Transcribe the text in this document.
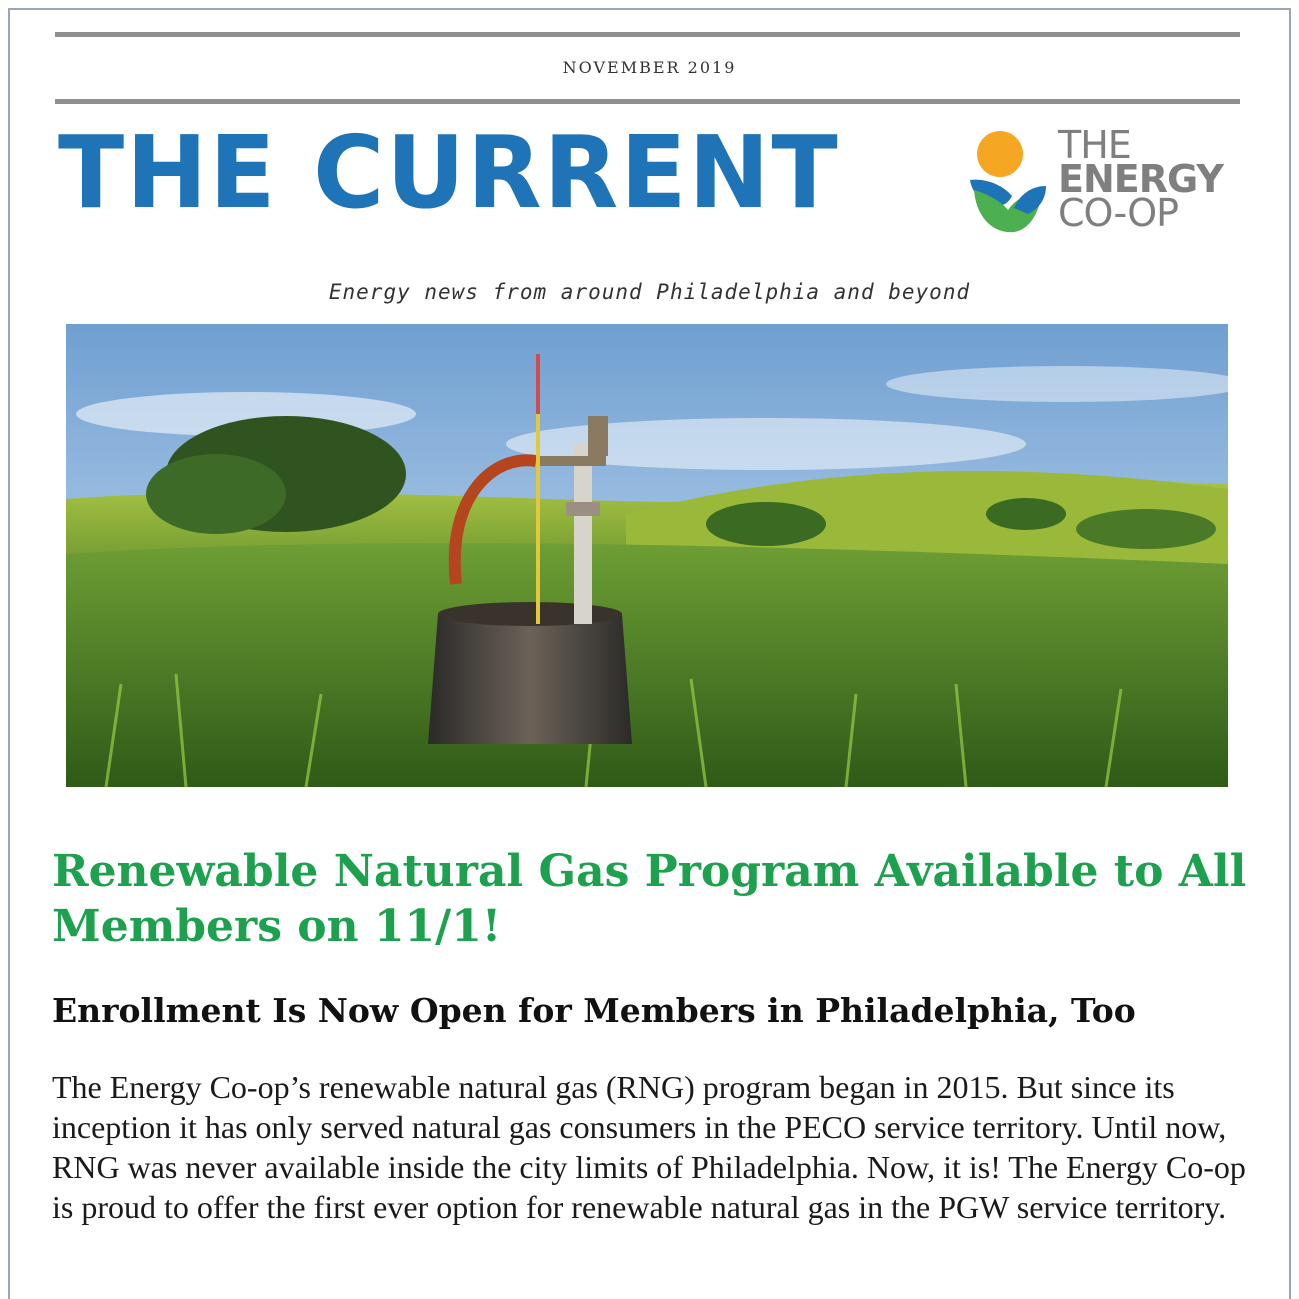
NOVEMBER 2019
THE CURRENT	THE
ENERGY
CO-OP
Energy news from around Philadelphia and beyond
Renewable Natural Gas Program Available to All Members on 11/1!
Enrollment Is Now Open for Members in Philadelphia, Too
The Energy Co-op’s renewable natural gas (RNG) program began in 2015. But since its inception it has only served natural gas consumers in the PECO service territory. Until now, RNG was never available inside the city limits of Philadelphia. Now, it is! The Energy Co-op is proud to offer the first ever option for renewable natural gas in the PGW service territory.
